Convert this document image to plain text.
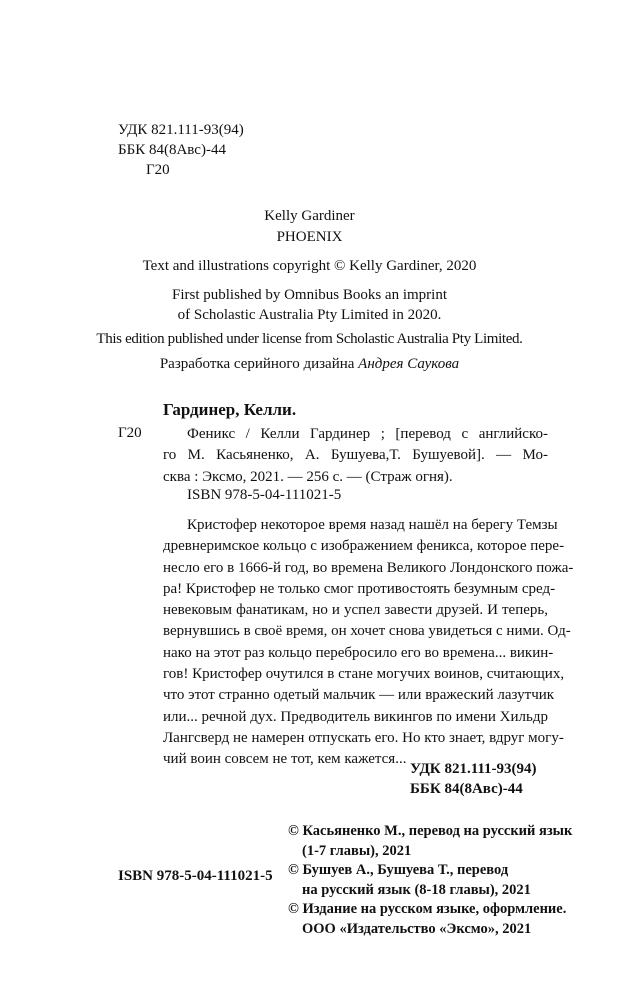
УДК 821.111-93(94)
ББК 84(8Авс)-44
Г20
Kelly Gardiner
PHOENIX
Text and illustrations copyright © Kelly Gardiner, 2020
First published by Omnibus Books an imprint
of Scholastic Australia Pty Limited in 2020.
This edition published under license from Scholastic Australia Pty Limited.
Разработка серийного дизайна Андрея Саукова
Гардинер, Келли.
Г20	Феникс / Келли Гардинер ; [перевод с английско-
го М. Касьяненко, А. Бушуева,Т. Бушуевой]. — Мо-
сква : Эксмо, 2021. — 256 с. — (Страж огня).
ISBN 978-5-04-111021-5
Кристофер некоторое время назад нашёл на берегу Темзы
древнеримское кольцо с изображением феникса, которое пере-
несло его в 1666-й год, во времена Великого Лондонского пожа-
ра! Кристофер не только смог противостоять безумным сред-
невековым фанатикам, но и успел завести друзей. И теперь,
вернувшись в своё время, он хочет снова увидеться с ними. Од-
нако на этот раз кольцо перебросило его во времена... викин-
гов! Кристофер очутился в стане могучих воинов, считающих,
что этот странно одетый мальчик — или вражеский лазутчик
или... речной дух. Предводитель викингов по имени Хильдр
Лангсверд не намерен отпускать его. Но кто знает, вдруг могу-
чий воин совсем не тот, кем кажется...
УДК 821.111-93(94)
ББК 84(8Авс)-44
ISBN 978-5-04-111021-5
© Касьяненко М., перевод на русский язык
(1-7 главы), 2021
© Бушуев А., Бушуева Т., перевод
на русский язык (8-18 главы), 2021
© Издание на русском языке, оформление.
ООО «Издательство «Эксмо», 2021
